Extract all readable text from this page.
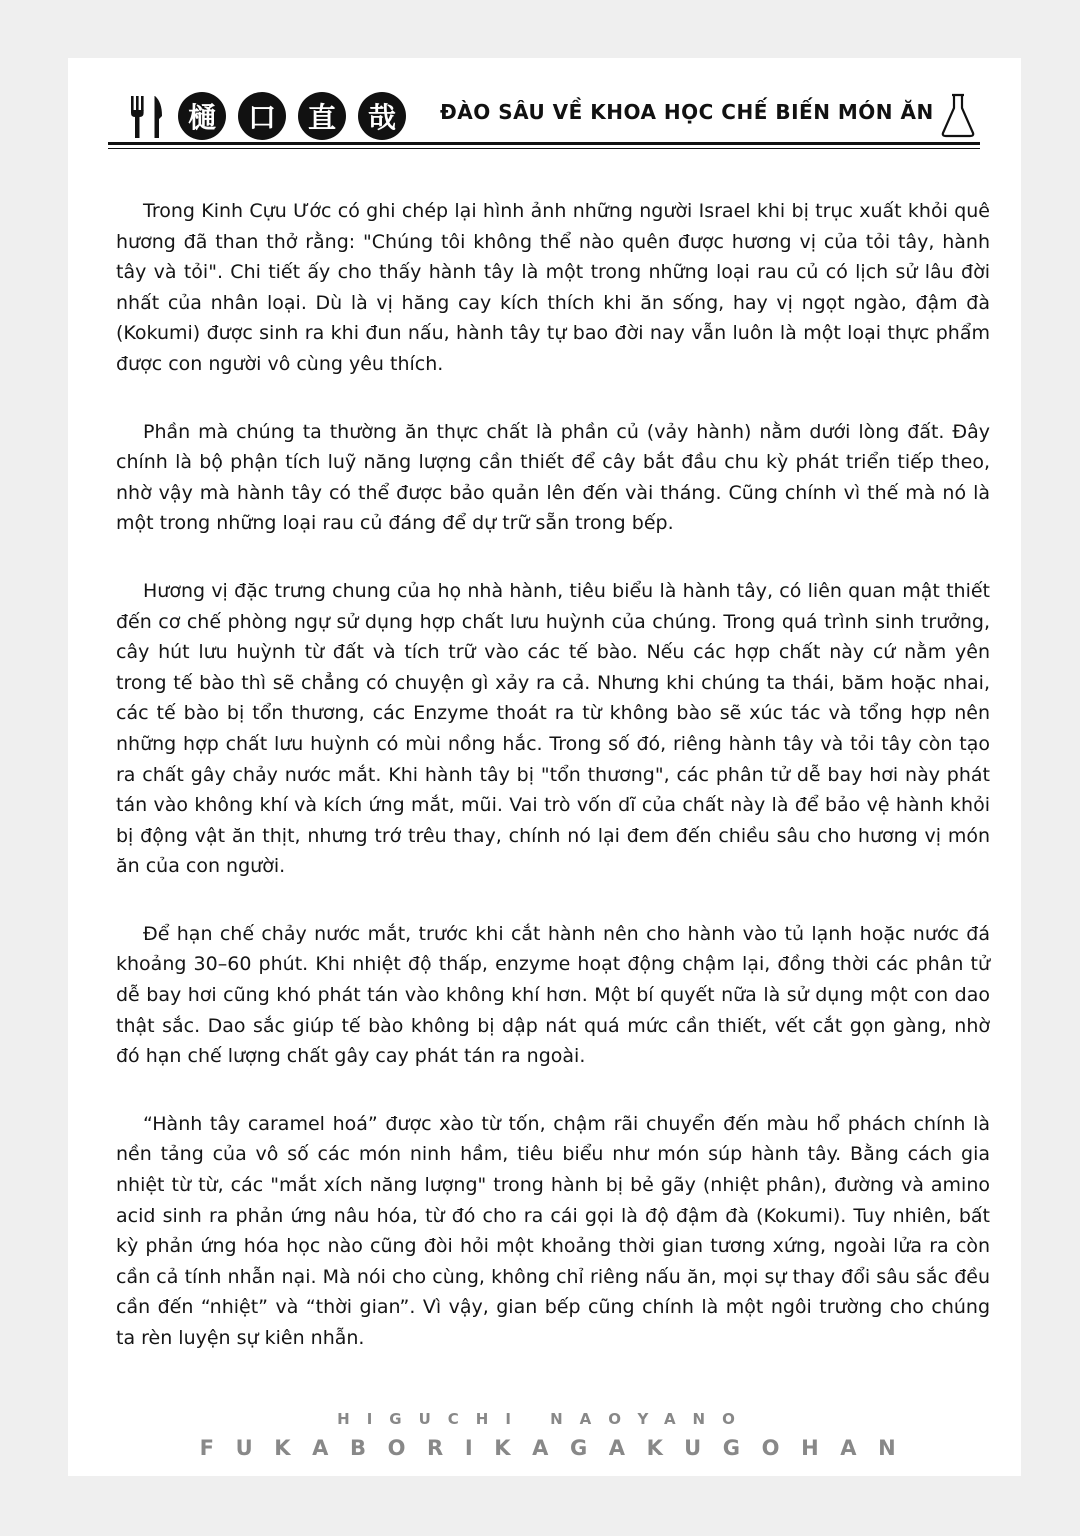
樋	口	直	哉	ĐÀO SÂU VỀ KHOA HỌC CHẾ BIẾN MÓN ĂN

Trong Kinh Cựu Ước có ghi chép lại hình ảnh những người Israel khi bị trục xuất khỏi quê hương đã than thở rằng: "Chúng tôi không thể nào quên được hương vị của tỏi tây, hành tây và tỏi". Chi tiết ấy cho thấy hành tây là một trong những loại rau củ có lịch sử lâu đời nhất của nhân loại. Dù là vị hăng cay kích thích khi ăn sống, hay vị ngọt ngào, đậm đà (Kokumi) được sinh ra khi đun nấu, hành tây tự bao đời nay vẫn luôn là một loại thực phẩm được con người vô cùng yêu thích.

Phần mà chúng ta thường ăn thực chất là phần củ (vảy hành) nằm dưới lòng đất. Đây chính là bộ phận tích luỹ năng lượng cần thiết để cây bắt đầu chu kỳ phát triển tiếp theo, nhờ vậy mà hành tây có thể được bảo quản lên đến vài tháng. Cũng chính vì thế mà nó là một trong những loại rau củ đáng để dự trữ sẵn trong bếp.

Hương vị đặc trưng chung của họ nhà hành, tiêu biểu là hành tây, có liên quan mật thiết đến cơ chế phòng ngự sử dụng hợp chất lưu huỳnh của chúng. Trong quá trình sinh trưởng, cây hút lưu huỳnh từ đất và tích trữ vào các tế bào. Nếu các hợp chất này cứ nằm yên trong tế bào thì sẽ chẳng có chuyện gì xảy ra cả. Nhưng khi chúng ta thái, băm hoặc nhai, các tế bào bị tổn thương, các Enzyme thoát ra từ không bào sẽ xúc tác và tổng hợp nên những hợp chất lưu huỳnh có mùi nồng hắc. Trong số đó, riêng hành tây và tỏi tây còn tạo ra chất gây chảy nước mắt. Khi hành tây bị "tổn thương", các phân tử dễ bay hơi này phát tán vào không khí và kích ứng mắt, mũi. Vai trò vốn dĩ của chất này là để bảo vệ hành khỏi bị động vật ăn thịt, nhưng trớ trêu thay, chính nó lại đem đến chiều sâu cho hương vị món ăn của con người.

Để hạn chế chảy nước mắt, trước khi cắt hành nên cho hành vào tủ lạnh hoặc nước đá khoảng 30–60 phút. Khi nhiệt độ thấp, enzyme hoạt động chậm lại, đồng thời các phân tử dễ bay hơi cũng khó phát tán vào không khí hơn. Một bí quyết nữa là sử dụng một con dao thật sắc. Dao sắc giúp tế bào không bị dập nát quá mức cần thiết, vết cắt gọn gàng, nhờ đó hạn chế lượng chất gây cay phát tán ra ngoài.

“Hành tây caramel hoá” được xào từ tốn, chậm rãi chuyển đến màu hổ phách chính là nền tảng của vô số các món ninh hầm, tiêu biểu như món súp hành tây. Bằng cách gia nhiệt từ từ, các "mắt xích năng lượng" trong hành bị bẻ gãy (nhiệt phân), đường và amino acid sinh ra phản ứng nâu hóa, từ đó cho ra cái gọi là độ đậm đà (Kokumi). Tuy nhiên, bất kỳ phản ứng hóa học nào cũng đòi hỏi một khoảng thời gian tương xứng, ngoài lửa ra còn cần cả tính nhẫn nại. Mà nói cho cùng, không chỉ riêng nấu ăn, mọi sự thay đổi sâu sắc đều cần đến “nhiệt” và “thời gian”. Vì vậy, gian bếp cũng chính là một ngôi trường cho chúng ta rèn luyện sự kiên nhẫn.

HIGUCHI NAOYANO
FUKABORIKAGAKUGOHAN
